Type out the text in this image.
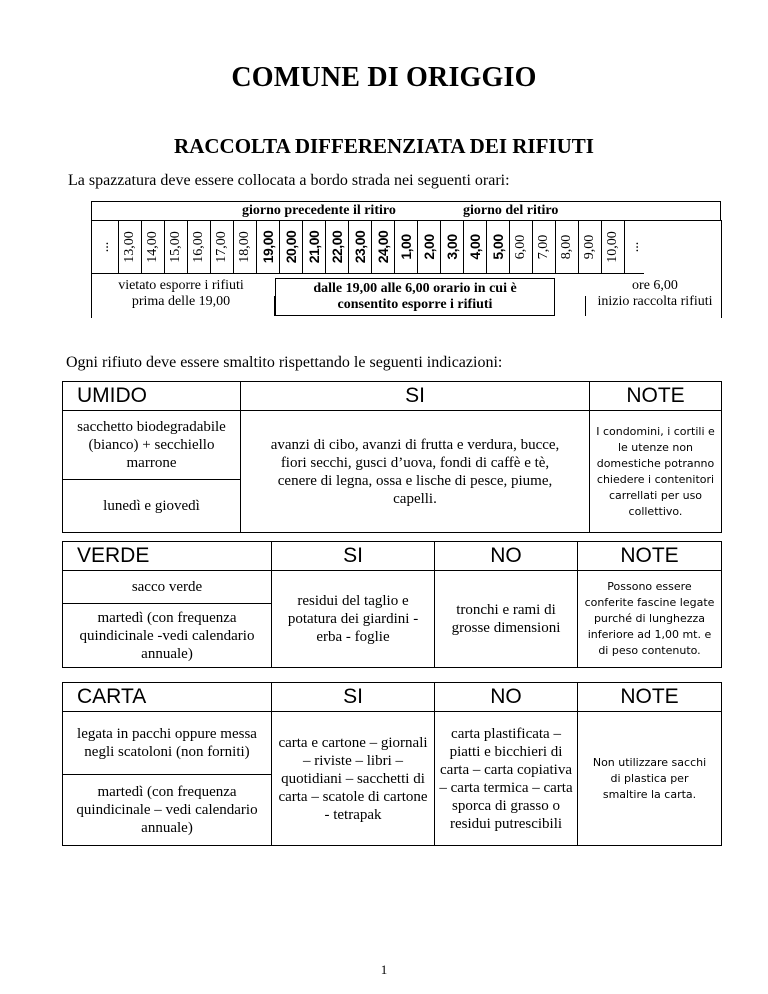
COMUNE DI ORIGGIO
RACCOLTA DIFFERENZIATA DEI RIFIUTI
La spazzatura deve essere collocata a bordo strada nei seguenti orari:
giorno precedente il ritiro	giorno del ritiro
... 13,00 14,00 15,00 16,00 17,00 18,00 19,00 20,00 21,00 22,00 23,00 24,00 1,00 2,00 3,00 4,00 5,00 6,00 7,00 8,00 9,00 10,00 ...
vietato esporre i rifiuti
prima delle 19,00
dalle 19,00 alle 6,00 orario in cui è
consentito esporre i rifiuti
ore 6,00
inizio raccolta rifiuti
Ogni rifiuto deve essere smaltito rispettando le seguenti indicazioni:
UMIDO	SI	NOTE
sacchetto biodegradabile (bianco) + secchiello marrone	avanzi di cibo, avanzi di frutta e verdura, bucce, fiori secchi, gusci d’uova, fondi di caffè e tè, cenere di legna, ossa e lische di pesce, piume, capelli.	I condomini, i cortili e le utenze non domestiche potranno chiedere i contenitori carrellati per uso collettivo.
lunedì e giovedì		
VERDE	SI	NO	NOTE
sacco verde	residui del taglio e potatura dei giardini - erba - foglie	tronchi e rami di grosse dimensioni	Possono essere conferite fascine legate purché di lunghezza inferiore ad 1,00 mt. e di peso contenuto.
martedì (con frequenza quindicinale -vedi calendario annuale)			
CARTA	SI	NO	NOTE
legata in pacchi oppure messa negli scatoloni (non forniti)	carta e cartone – giornali – riviste – libri – quotidiani – sacchetti di carta – scatole di cartone - tetrapak	carta plastificata – piatti e bicchieri di carta – carta copiativa – carta termica – carta sporca di grasso o residui putrescibili	Non utilizzare sacchi di plastica per smaltire la carta.
martedì (con frequenza quindicinale – vedi calendario annuale)			
1
